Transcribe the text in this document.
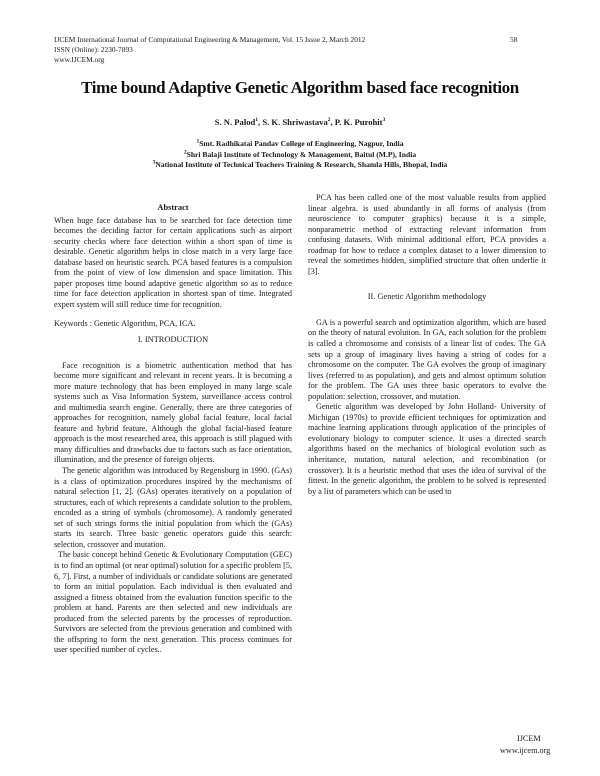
IJCEM International Journal of Computational Engineering & Management, Vol. 15 Issue 2, March 2012
ISSN (Online): 2230-7893
www.IJCEM.org
58
Time bound Adaptive Genetic Algorithm based face recognition
S. N. Palod$^1$, S. K. Shriwastava$^2$, P. K. Purohit$^3$
$^1$Smt. Radhikatai Pandav College of Engineering, Nagpur, India
$^2$Shri Balaji Institute of Technology & Management, Baitul (M.P), India
$^3$National Institute of Technical Teachers Training & Research, Shamla Hills, Bhopal, India

Abstract

When huge face database has to be searched for face detection time becomes the deciding factor for certain applications such as airport security checks where face detection within a short span of time is desirable. Genetic algorithm helps in close match in a very large face database based on heuristic search. PCA based features is a compulsion from the point of view of low dimension and space limitation. This paper proposes time bound adaptive genetic algorithm so as to reduce time for face detection application in shortest span of time. Integrated expert system will still reduce time for recognition.

Keywords : Genetic Algorithm, PCA, ICA.

I. INTRODUCTION

Face recognition is a biometric authentication method that has become more significant and relevant in recent years. It is becoming a more mature technology that has been employed in many large scale systems such as Visa Information System, surveillance access control and multimedia search engine. Generally, there are three categories of approaches for recognition, namely global facial feature, local facial feature and hybrid feature. Although the global facial-based feature approach is the most researched area, this approach is still plagued with many difficulties and drawbacks due to factors such as face orientation, illumination, and the presence of foreign objects.

The genetic algorithm was introduced by Regensburg in 1990. (GAs) is a class of optimization procedures inspired by the mechanisms of natural selection [1, 2]. (GAs) operates iteratively on a population of structures, each of which represents a candidate solution to the problem, encoded as a string of symbols (chromosome). A randomly generated set of such strings forms the initial population from which the (GAs) starts its search. Three basic genetic operators guide this search: selection, crossover and mutation.

The basic concept behind Genetic & Evolutionary Computation (GEC) is to find an optimal (or near optimal) solution for a specific problem [5, 6, 7]. First, a number of individuals or candidate solutions are generated to form an initial population. Each individual is then evaluated and assigned a fitness obtained from the evaluation function specific to the problem at hand. Parents are then selected and new individuals are produced from the selected parents by the processes of reproduction. Survivors are selected from the previous generation and combined with the offspring to form the next generation. This process continues for user specified number of cycles..

PCA has been called one of the most valuable results from applied linear algebra. is used abundantly in all forms of analysis (from neuroscience to computer graphics) because it is a simple, nonparametric method of extracting relevant information from confusing datasets. With minimal additional effort, PCA provides a roadmap for how to reduce a complex dataset to a lower dimension to reveal the sometimes hidden, simplified structure that often underlie it [3].

II. Genetic Algorithm methodology

GA is a powerful search and optimization algorithm, which are based on the theory of natural evolution. In GA, each solution for the problem is called a chromosome and consists of a linear list of codes. The GA sets up a group of imaginary lives having a string of codes for a chromosome on the computer. The GA evolves the group of imaginary lives (referred to as population), and gets and almost optimum solution for the problem. The GA uses three basic operators to evolve the population: selection, crossover, and mutation.

Genetic algorithm was developed by John Holland- University of Michigan (1970s) to provide efficient techniques for optimization and machine learning applications through application of the principles of evolutionary biology to computer science. It uses a directed search algorithms based on the mechanics of biological evolution such as inheritance, mutation, natural selection, and recombination (or crossover). It is a heuristic method that uses the idea of survival of the fittest. In the genetic algorithm, the problem to be solved is represented by a list of parameters which can be used to

IJCEM
www.ijcem.org
